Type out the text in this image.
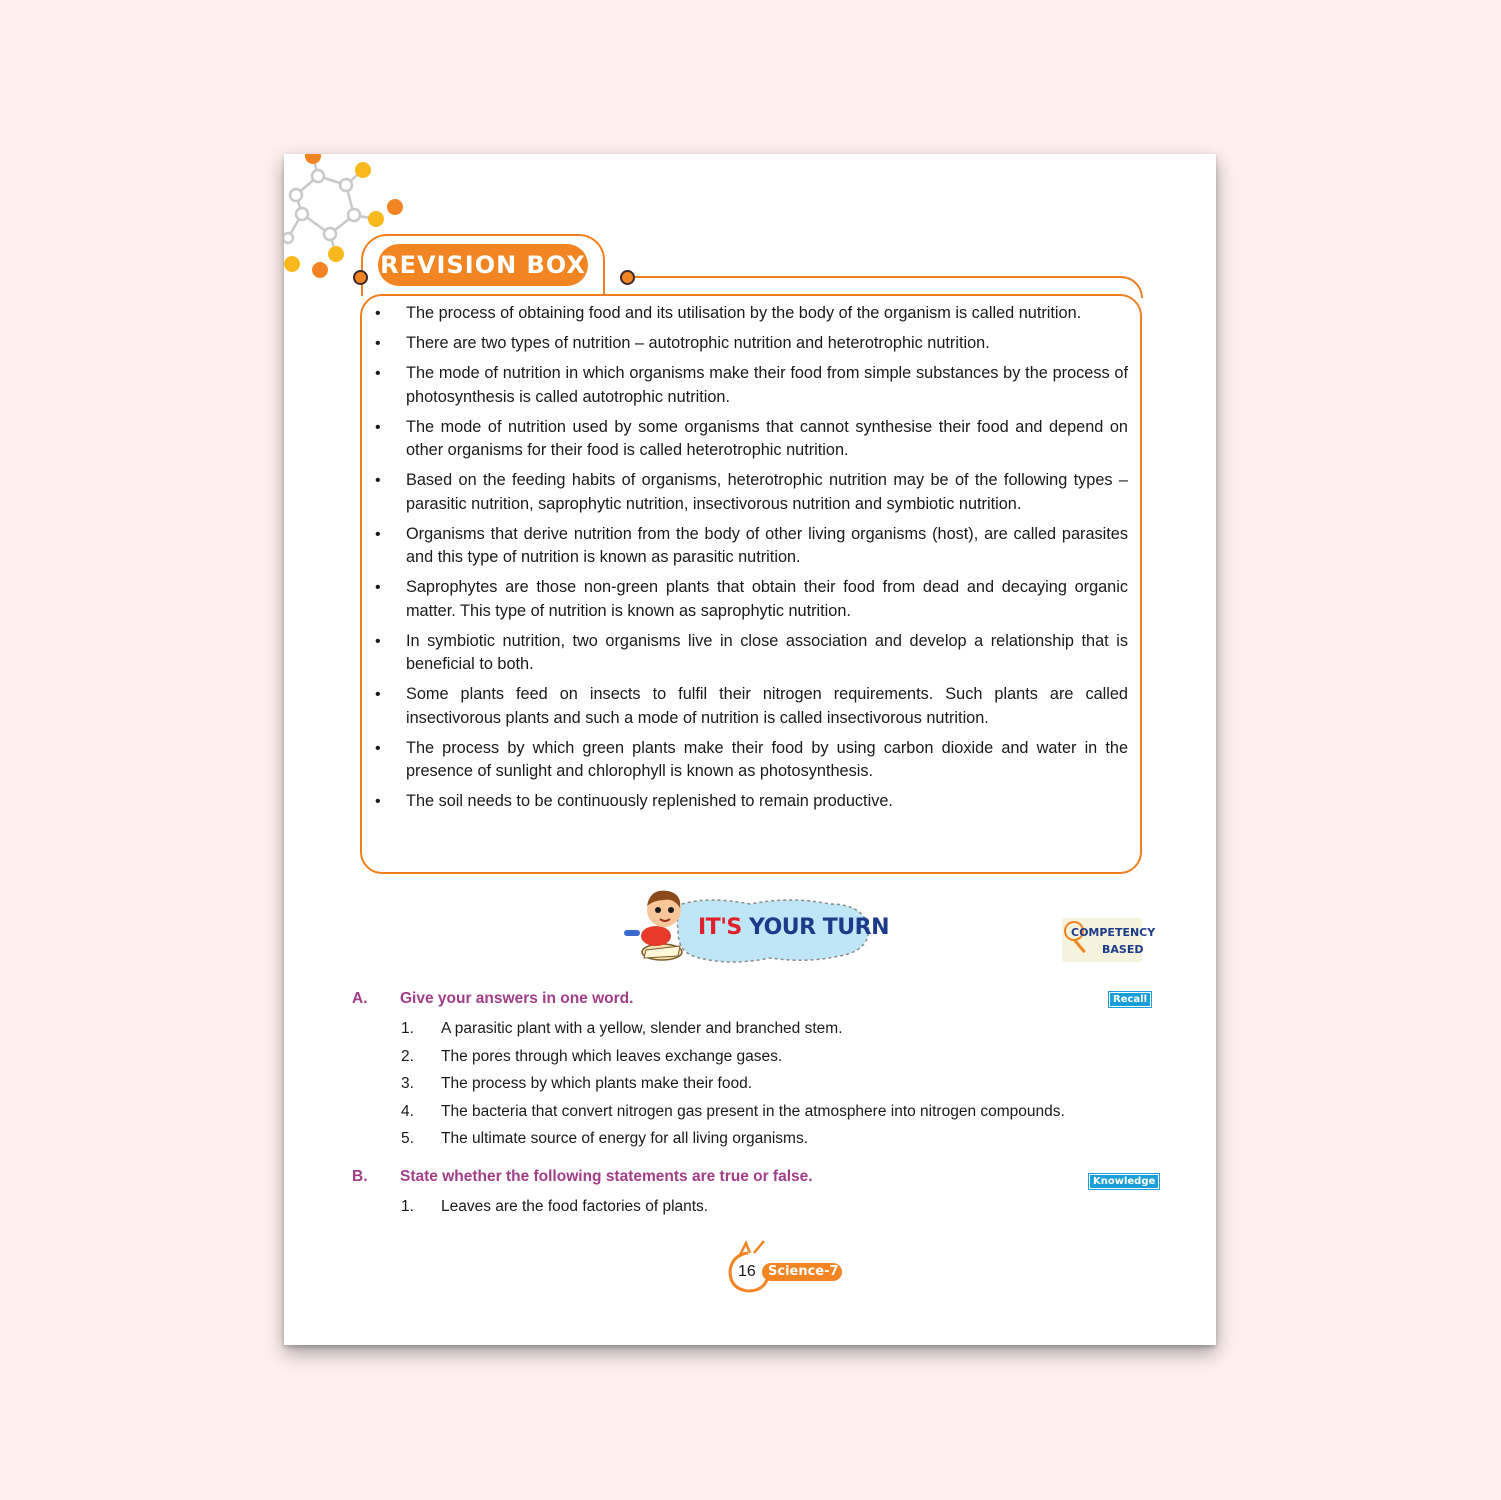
REVISION BOX
• The process of obtaining food and its utilisation by the body of the organism is called nutrition.
• There are two types of nutrition – autotrophic nutrition and heterotrophic nutrition.
• The mode of nutrition in which organisms make their food from simple substances by the process of photosynthesis is called autotrophic nutrition.
• The mode of nutrition used by some organisms that cannot synthesise their food and depend on other organisms for their food is called heterotrophic nutrition.
• Based on the feeding habits of organisms, heterotrophic nutrition may be of the following types – parasitic nutrition, saprophytic nutrition, insectivorous nutrition and symbiotic nutrition.
• Organisms that derive nutrition from the body of other living organisms (host), are called parasites and this type of nutrition is known as parasitic nutrition.
• Saprophytes are those non-green plants that obtain their food from dead and decaying organic matter. This type of nutrition is known as saprophytic nutrition.
• In symbiotic nutrition, two organisms live in close association and develop a relationship that is beneficial to both.
• Some plants feed on insects to fulfil their nitrogen requirements. Such plants are called insectivorous plants and such a mode of nutrition is called insectivorous nutrition.
• The process by which green plants make their food by using carbon dioxide and water in the presence of sunlight and chlorophyll is known as photosynthesis.
• The soil needs to be continuously replenished to remain productive.
IT'S YOUR TURN	COMPETENCY
BASED
A. Give your answers in one word.	Recall
1. A parasitic plant with a yellow, slender and branched stem.
2. The pores through which leaves exchange gases.
3. The process by which plants make their food.
4. The bacteria that convert nitrogen gas present in the atmosphere into nitrogen compounds.
5. The ultimate source of energy for all living organisms.
B. State whether the following statements are true or false.	Knowledge
1. Leaves are the food factories of plants.
16 Science-7
